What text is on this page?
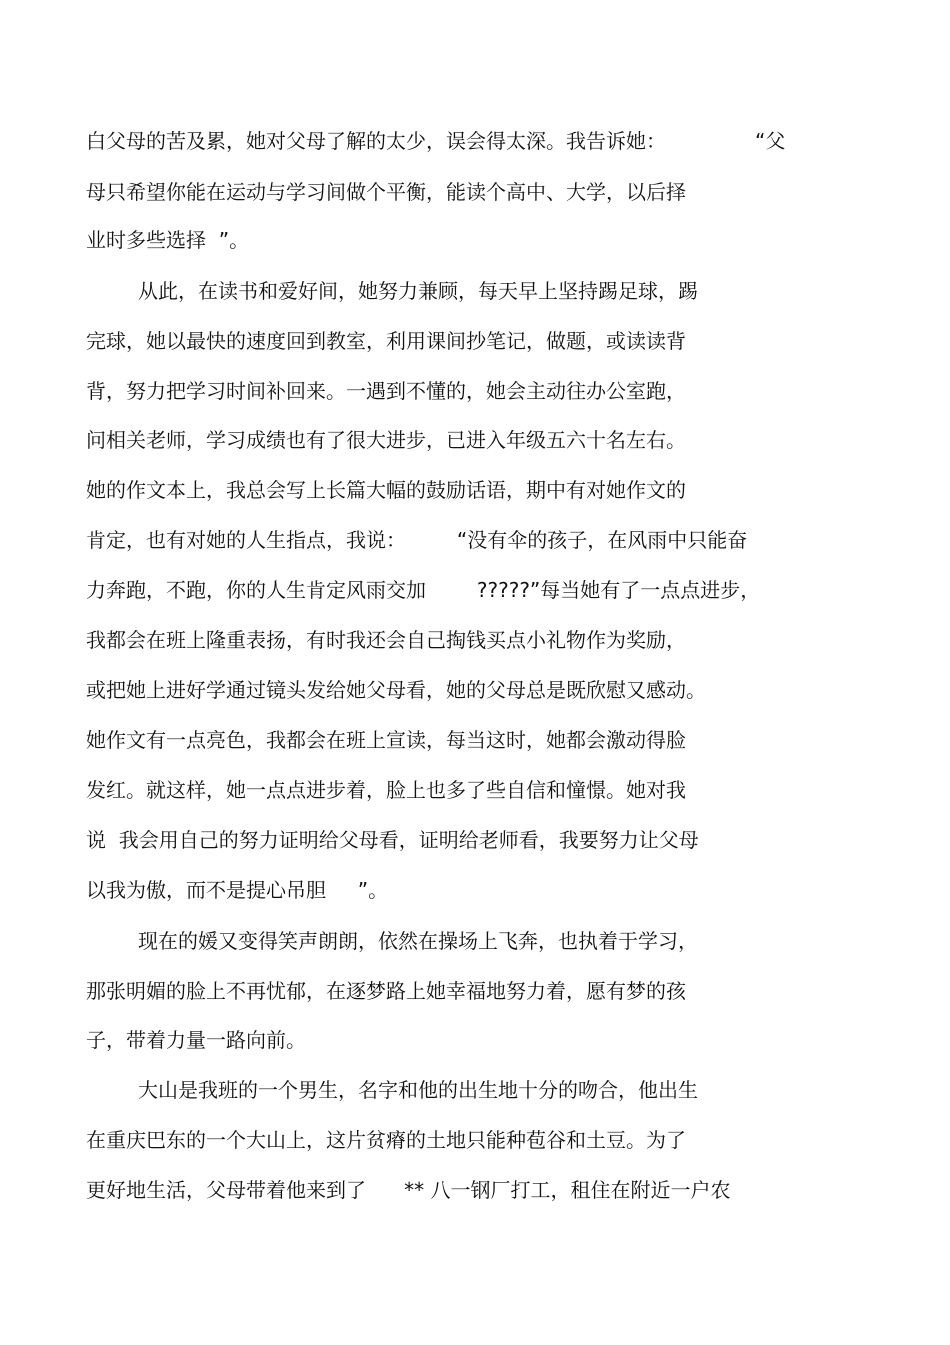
白父母的苦及累，她对父母了解的太少，误会得太深。我告诉她：              “父
母只希望你能在运动与学习间做个平衡，能读个高中、大学，以后择
业时多些选择  ”。
从此，在读书和爱好间，她努力兼顾，每天早上坚持踢足球，踢
完球，她以最快的速度回到教室，利用课间抄笔记，做题，或读读背
背，努力把学习时间补回来。一遇到不懂的，她会主动往办公室跑，
问相关老师，学习成绩也有了很大进步，已进入年级五六十名左右。
她的作文本上，我总会写上长篇大幅的鼓励话语，期中有对她作文的
肯定，也有对她的人生指点，我说：        “没有伞的孩子，在风雨中只能奋
力奔跑，不跑，你的人生肯定风雨交加        ?????”每当她有了一点点进步，
我都会在班上隆重表扬，有时我还会自己掏钱买点小礼物作为奖励，
或把她上进好学通过镜头发给她父母看，她的父母总是既欣慰又感动。
她作文有一点亮色，我都会在班上宣读，每当这时，她都会激动得脸
发红。就这样，她一点点进步着，脸上也多了些自信和憧憬。她对我
说  我会用自己的努力证明给父母看，证明给老师看，我要努力让父母
以我为傲，而不是提心吊胆     ”。
现在的媛又变得笑声朗朗，依然在操场上飞奔，也执着于学习，
那张明媚的脸上不再忧郁，在逐梦路上她幸福地努力着，愿有梦的孩
子，带着力量一路向前。
大山是我班的一个男生，名字和他的出生地十分的吻合，他出生
在重庆巴东的一个大山上，这片贫瘠的土地只能种苞谷和土豆。为了
更好地生活，父母带着他来到了      ** 八一钢厂打工，租住在附近一户农
